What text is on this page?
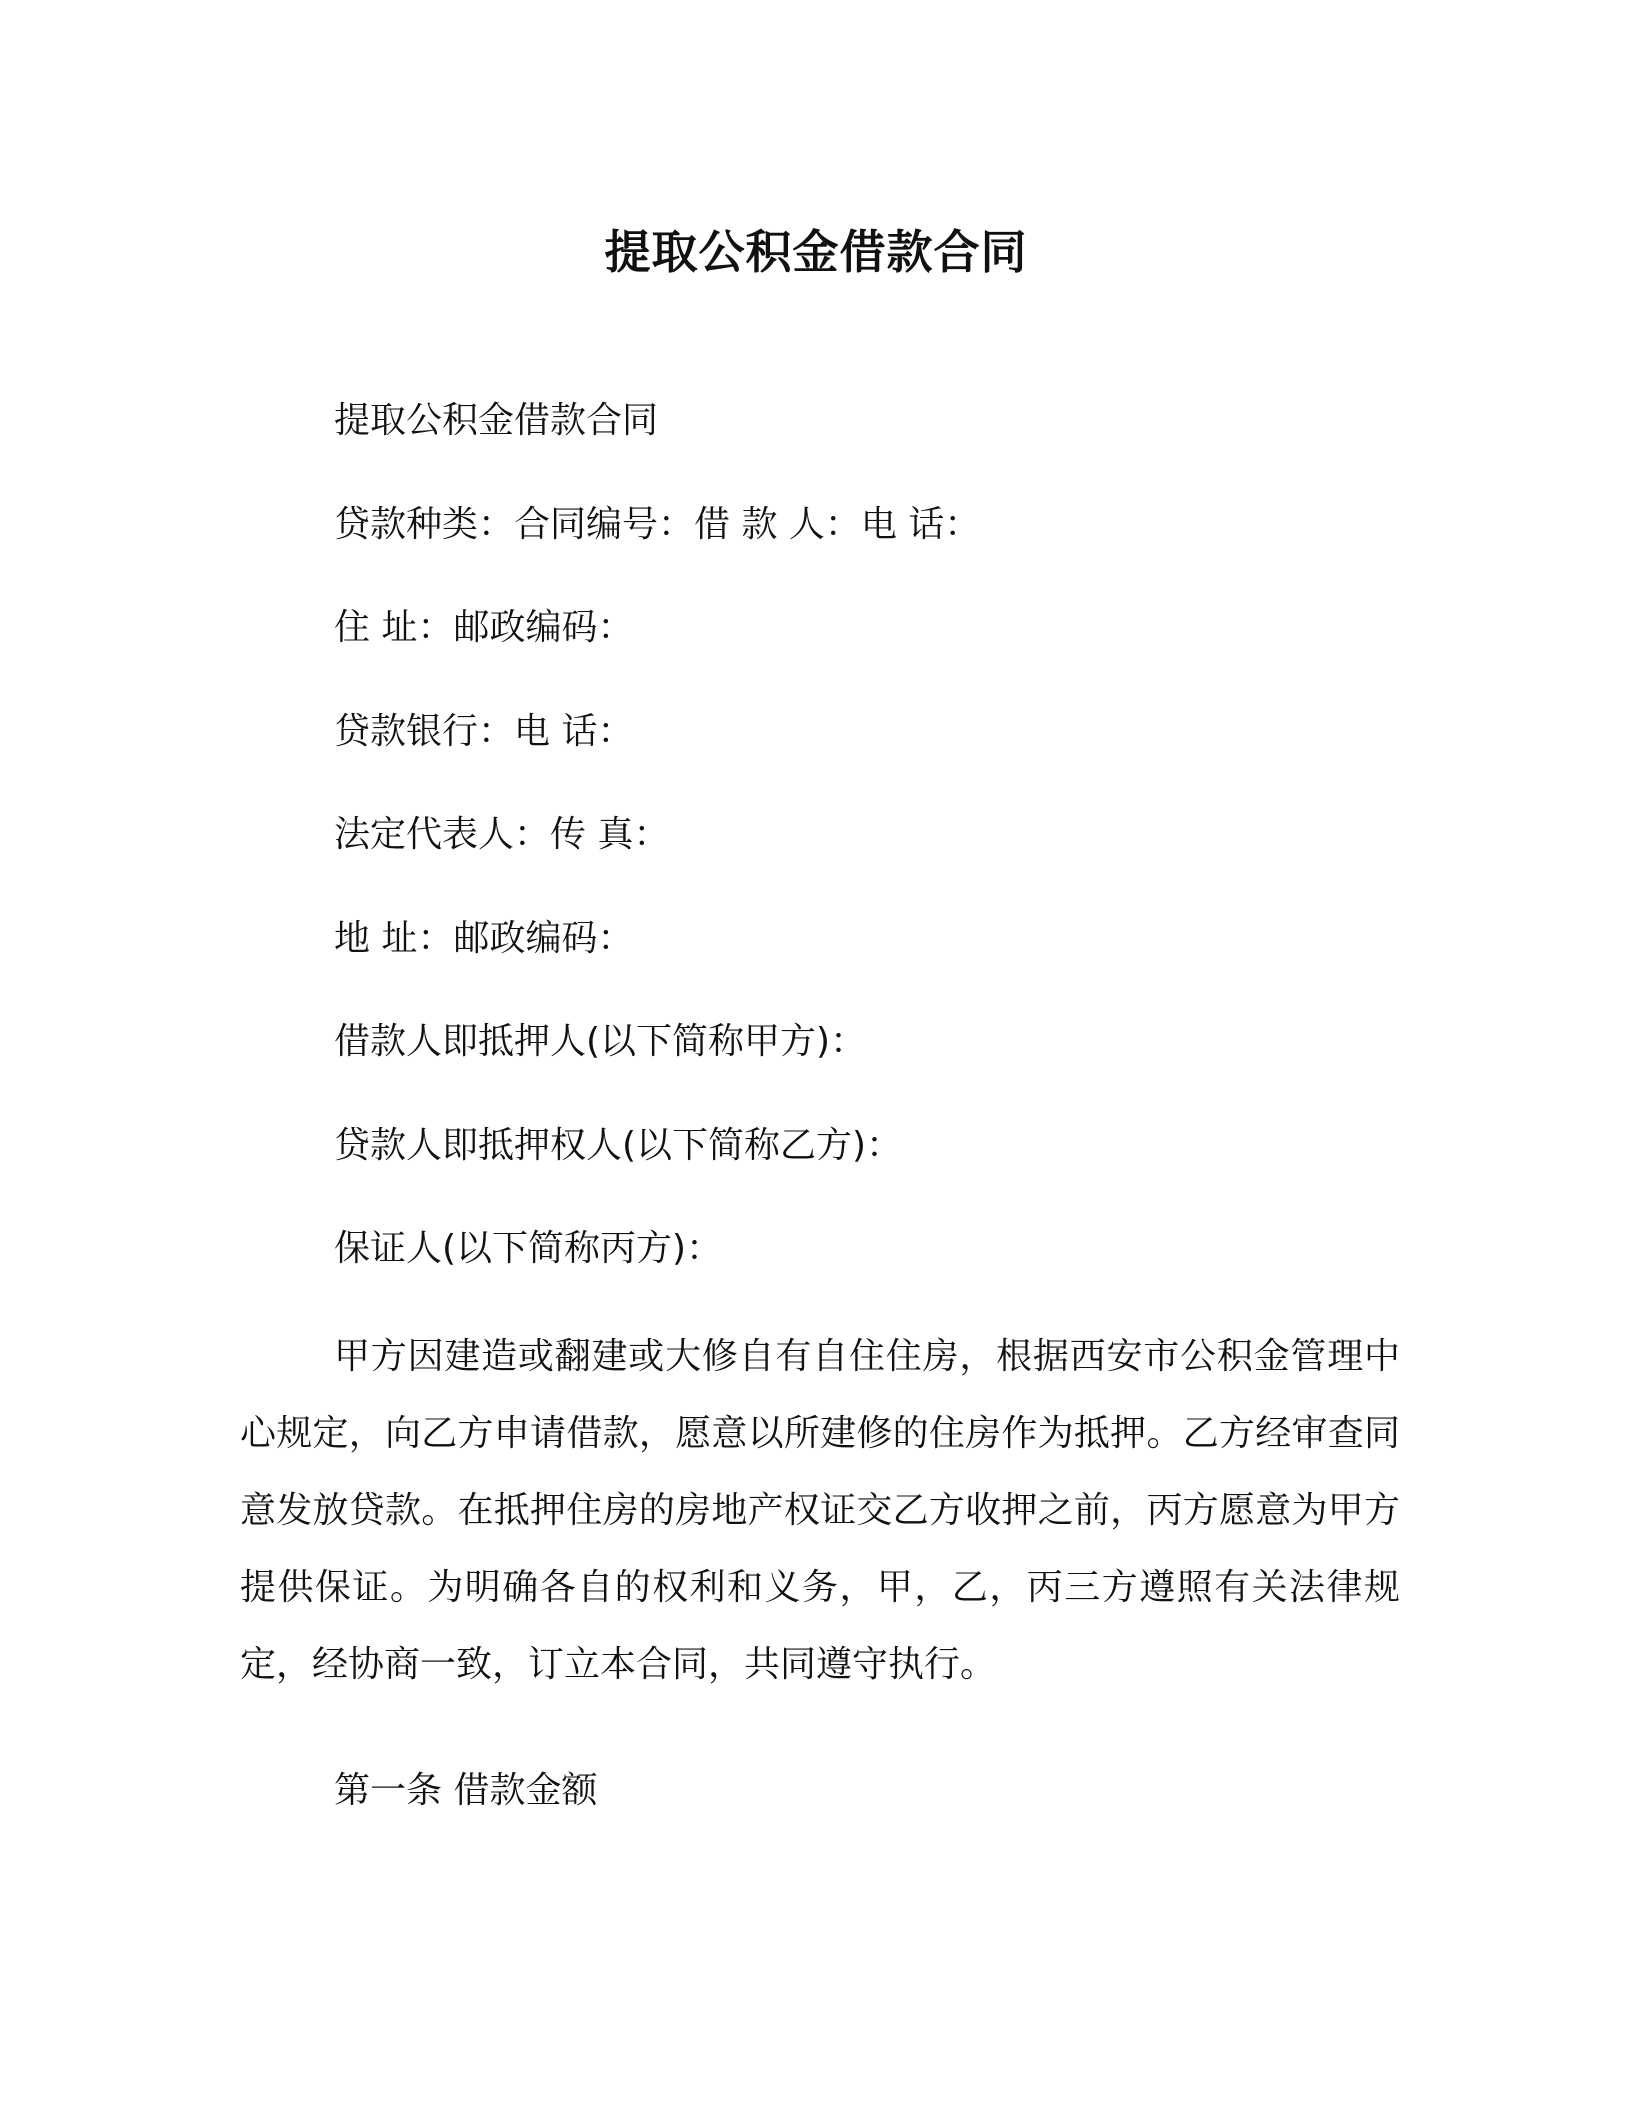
提取公积金借款合同
提取公积金借款合同
贷款种类：合同编号：借 款 人：电 话：
住 址：邮政编码：
贷款银行：电 话：
法定代表人：传 真：
地 址：邮政编码：
借款人即抵押人(以下简称甲方)：
贷款人即抵押权人(以下简称乙方)：
保证人(以下简称丙方)：
甲方因建造或翻建或大修自有自住住房，根据西安市公积金管理中心规定，向乙方申请借款，愿意以所建修的住房作为抵押。乙方经审查同意发放贷款。在抵押住房的房地产权证交乙方收押之前，丙方愿意为甲方提供保证。为明确各自的权利和义务，甲，乙，丙三方遵照有关法律规定，经协商一致，订立本合同，共同遵守执行。
第一条 借款金额
